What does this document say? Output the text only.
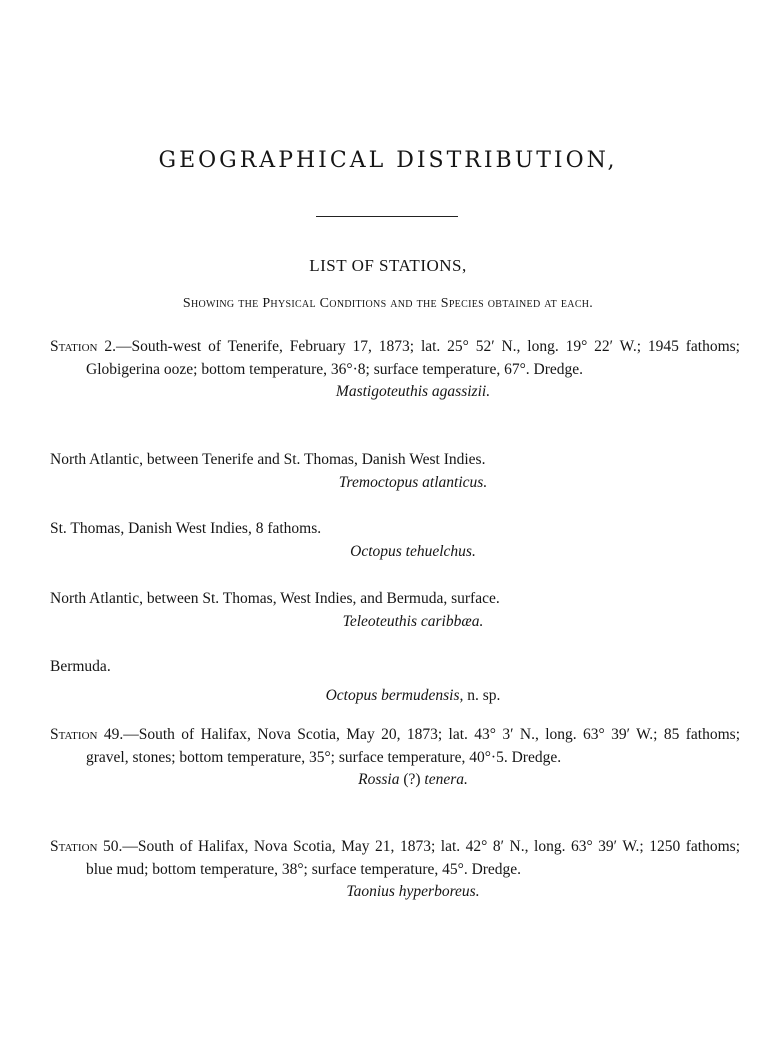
GEOGRAPHICAL DISTRIBUTION,
LIST OF STATIONS,
Showing the Physical Conditions and the Species obtained at each.
Station 2.—South-west of Tenerife, February 17, 1873; lat. 25° 52′ N., long. 19° 22′ W.; 1945 fathoms; Globigerina ooze; bottom temperature, 36°·8; surface temperature, 67°. Dredge.
Mastigoteuthis agassizii.
North Atlantic, between Tenerife and St. Thomas, Danish West Indies.
Tremoctopus atlanticus.
St. Thomas, Danish West Indies, 8 fathoms.
Octopus tehuelchus.
North Atlantic, between St. Thomas, West Indies, and Bermuda, surface.
Teleoteuthis caribbæa.
Bermuda.
Octopus bermudensis, n. sp.
Station 49.—South of Halifax, Nova Scotia, May 20, 1873; lat. 43° 3′ N., long. 63° 39′ W.; 85 fathoms; gravel, stones; bottom temperature, 35°; surface temperature, 40°·5. Dredge.
Rossia (?) tenera.
Station 50.—South of Halifax, Nova Scotia, May 21, 1873; lat. 42° 8′ N., long. 63° 39′ W.; 1250 fathoms; blue mud; bottom temperature, 38°; surface temperature, 45°. Dredge.
Taonius hyperboreus.
